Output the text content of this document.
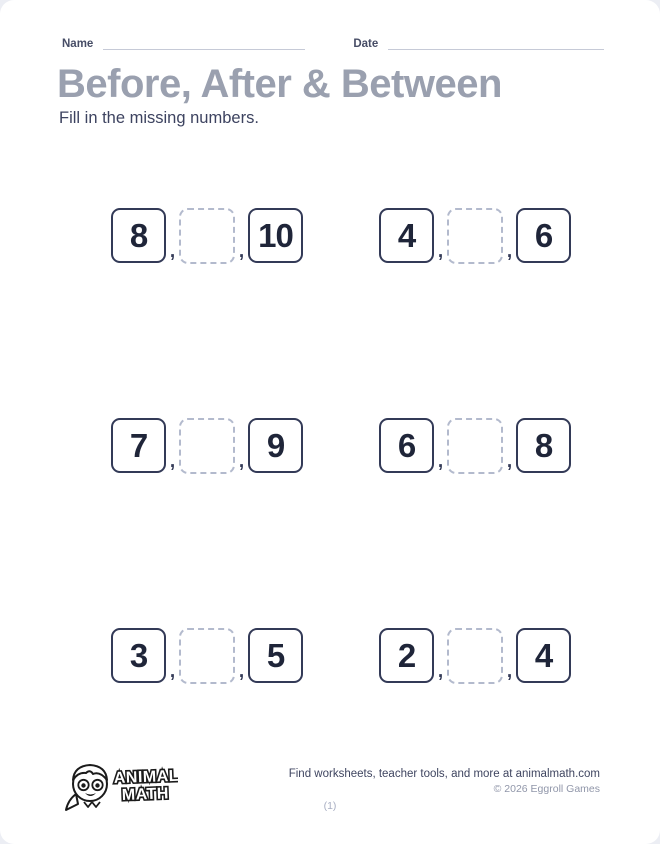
Name	Date
Before, After & Between
Fill in the missing numbers.
8 ,	, 10	4 ,	, 6
7 ,	, 9	6 ,	, 8
3 ,	, 5	2 ,	, 4
ANIMAL
MATH
Find worksheets, teacher tools, and more at animalmath.com
© 2026 Eggroll Games
(1)
